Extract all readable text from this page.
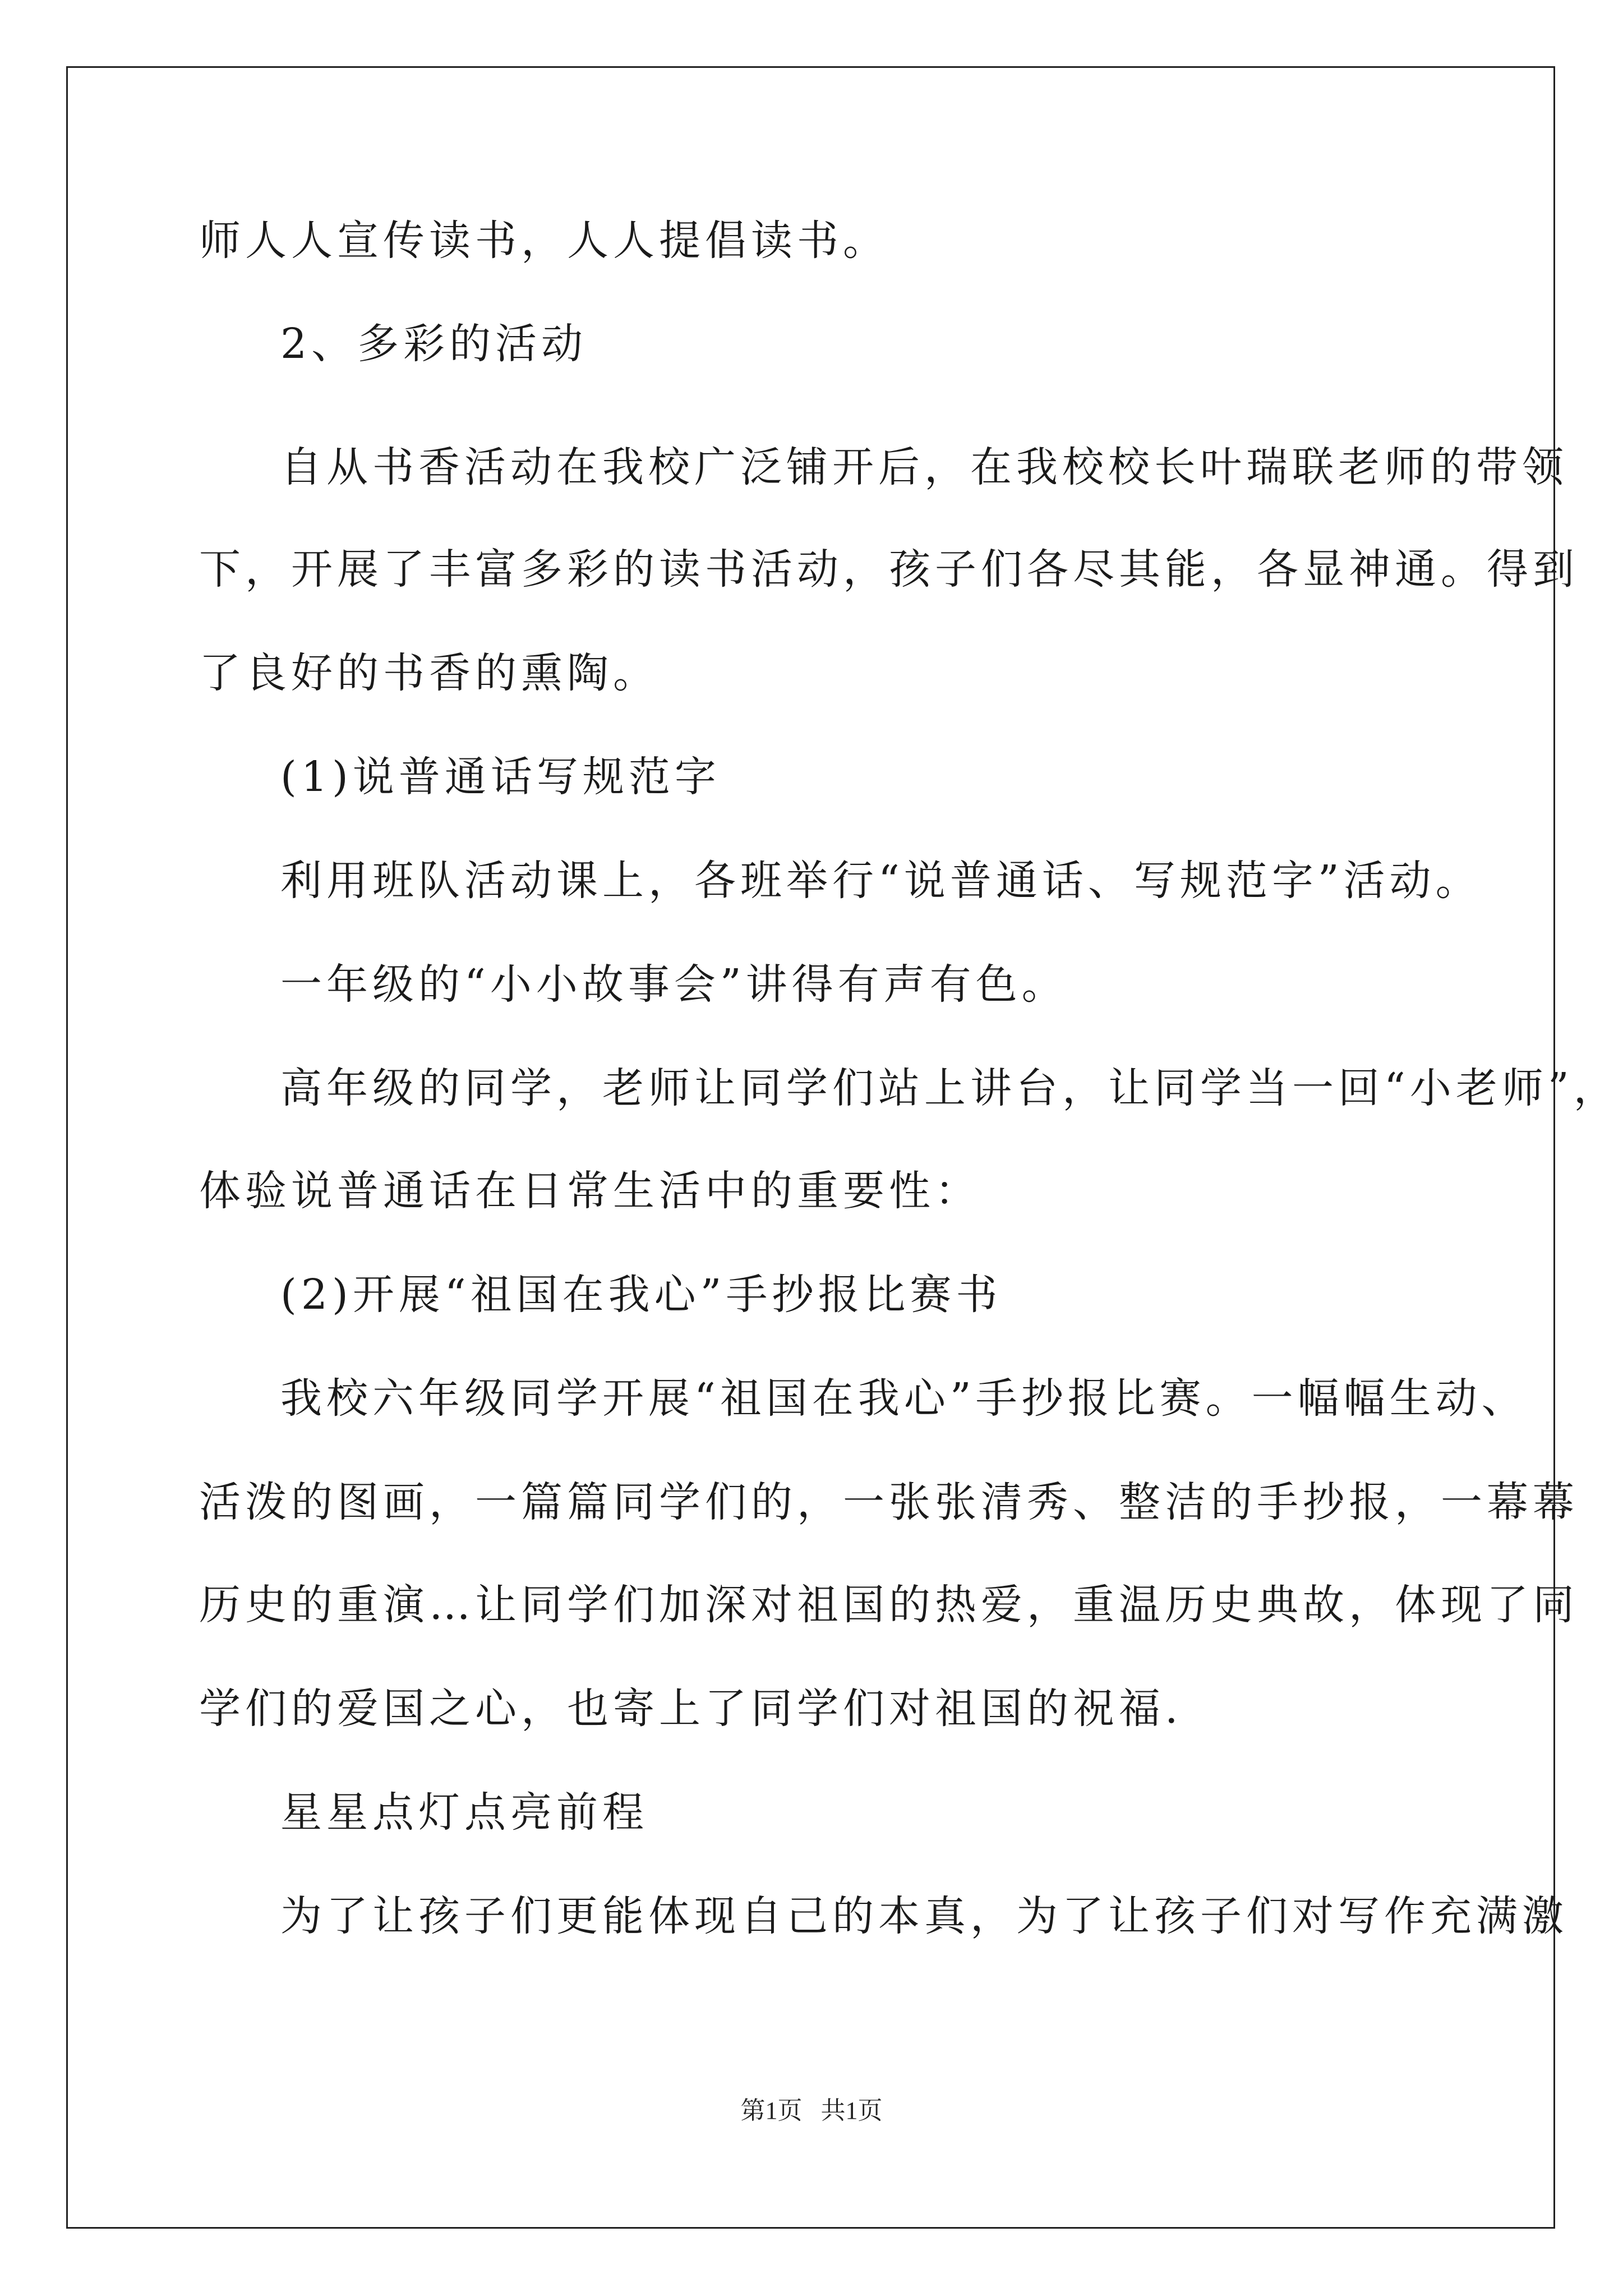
师人人宣传读书，人人提倡读书。
2、多彩的活动
自从书香活动在我校广泛铺开后，在我校校长叶瑞联老师的带领
下，开展了丰富多彩的读书活动，孩子们各尽其能，各显神通。得到
了良好的书香的熏陶。
(1)说普通话写规范字
利用班队活动课上，各班举行“说普通话、写规范字”活动。
一年级的“小小故事会”讲得有声有色。
高年级的同学，老师让同学们站上讲台，让同学当一回“小老师”，
体验说普通话在日常生活中的重要性：
(2)开展“祖国在我心”手抄报比赛书
我校六年级同学开展“祖国在我心”手抄报比赛。一幅幅生动、
活泼的图画，一篇篇同学们的，一张张清秀、整洁的手抄报，一幕幕
历史的重演…让同学们加深对祖国的热爱，重温历史典故，体现了同
学们的爱国之心，也寄上了同学们对祖国的祝福.
星星点灯点亮前程
为了让孩子们更能体现自己的本真，为了让孩子们对写作充满激
第1页   共1页
